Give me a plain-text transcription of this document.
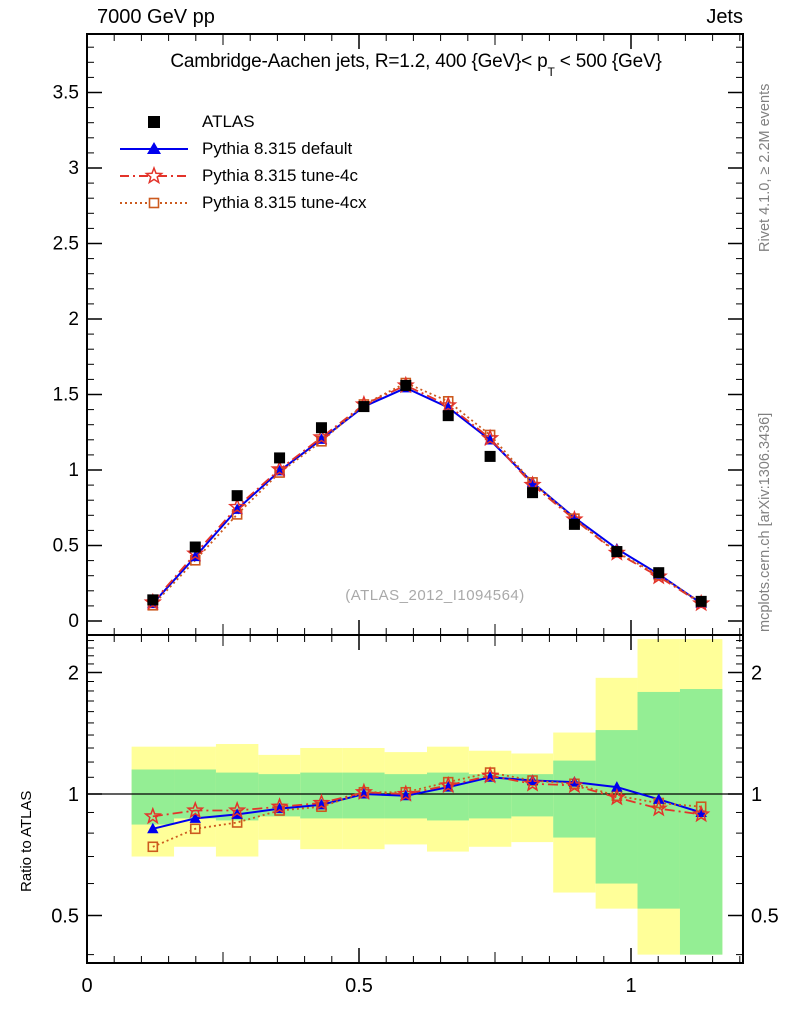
7000 GeV pp	Jets
Cambridge-Aachen jets, R=1.2, 400 $\{GeV\}< p_T < 500$ {GeV}
ATLAS
Pythia 8.315 default
Pythia 8.315 tune-4c
Pythia 8.315 tune-4cx
(ATLAS_2012_I1094564)
Rivet 4.1.0, ≥ 2.2M events
mcplots.cern.ch [arXiv:1306.3436]
Ratio to ATLAS
0
0.5
1
1.5
2
2.5
3
3.5
0	0.5	1
0.5	0.5
1	1
2	2
